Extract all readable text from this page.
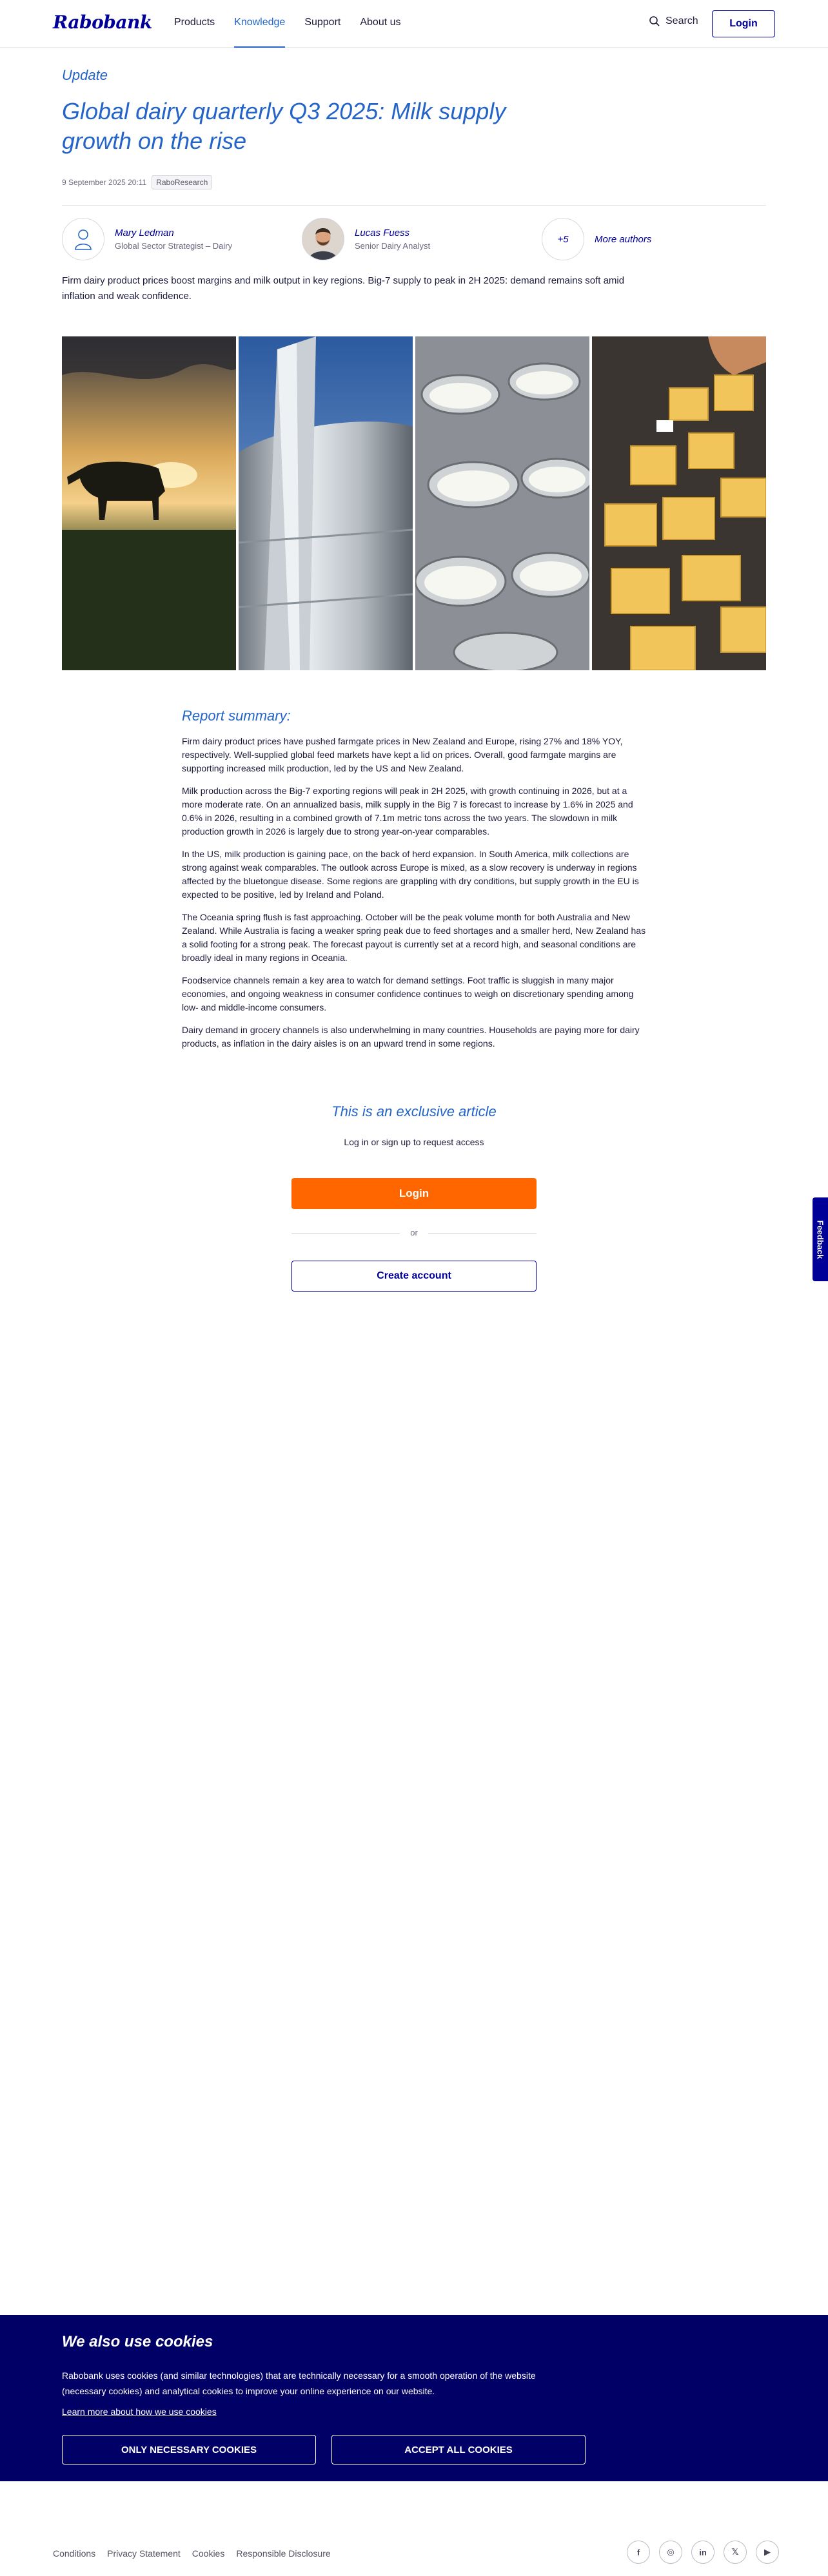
Rabobank Products Knowledge Support About us	Search	Login
Update
Global dairy quarterly Q3 2025: Milk supply growth on the rise
9 September 2025 20:11	RaboResearch
Mary Ledman
Global Sector Strategist – Dairy
Lucas Fuess
Senior Dairy Analyst
+5	More authors

Firm dairy product prices boost margins and milk output in key regions. Big-7 supply to peak in 2H 2025: demand remains soft amid inflation and weak confidence.

Report summary:

Firm dairy product prices have pushed farmgate prices in New Zealand and Europe, rising 27% and 18% YOY, respectively. Well-supplied global feed markets have kept a lid on prices. Overall, good farmgate margins are supporting increased milk production, led by the US and New Zealand.

Milk production across the Big-7 exporting regions will peak in 2H 2025, with growth continuing in 2026, but at a more moderate rate. On an annualized basis, milk supply in the Big 7 is forecast to increase by 1.6% in 2025 and 0.6% in 2026, resulting in a combined growth of 7.1m metric tons across the two years. The slowdown in milk production growth in 2026 is largely due to strong year-on-year comparables.

In the US, milk production is gaining pace, on the back of herd expansion. In South America, milk collections are strong against weak comparables. The outlook across Europe is mixed, as a slow recovery is underway in regions affected by the bluetongue disease. Some regions are grappling with dry conditions, but supply growth in the EU is expected to be positive, led by Ireland and Poland.

The Oceania spring flush is fast approaching. October will be the peak volume month for both Australia and New Zealand. While Australia is facing a weaker spring peak due to feed shortages and a smaller herd, New Zealand has a solid footing for a strong peak. The forecast payout is currently set at a record high, and seasonal conditions are broadly ideal in many regions in Oceania.

Foodservice channels remain a key area to watch for demand settings. Foot traffic is sluggish in many major economies, and ongoing weakness in consumer confidence continues to weigh on discretionary spending among low- and middle-income consumers.

Dairy demand in grocery channels is also underwhelming in many countries. Households are paying more for dairy products, as inflation in the dairy aisles is on an upward trend in some regions.

This is an exclusive article
Log in or sign up to request access
Login
or
Create account
Feedback
We also use cookies
Rabobank uses cookies (and similar technologies) that are technically necessary for a smooth operation of the website (necessary cookies) and analytical cookies to improve your online experience on our website.
Learn more about how we use cookies
ONLY NECESSARY COOKIES	ACCEPT ALL COOKIES
Conditions Privacy Statement Cookies Responsible Disclosure	f	◎	in	𝕏	▶
